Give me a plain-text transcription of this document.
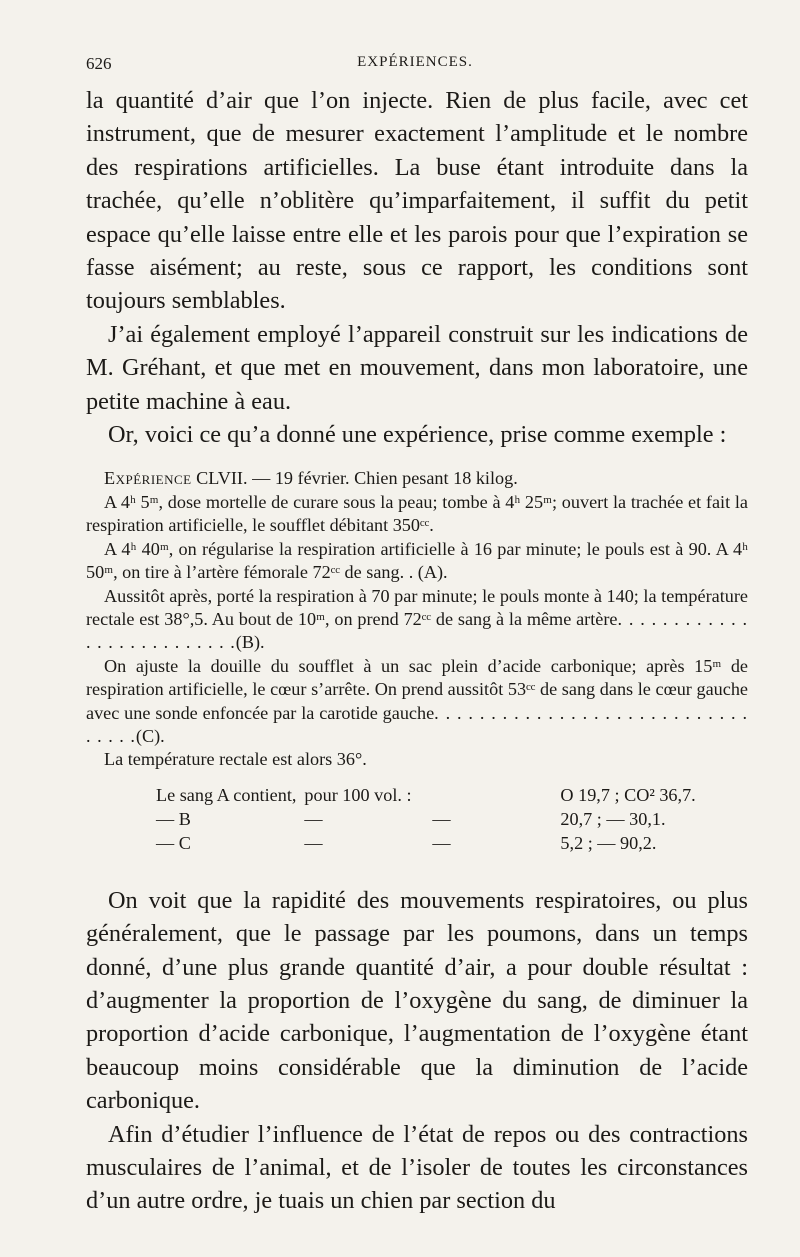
626	EXPÉRIENCES.

la quantité d’air que l’on injecte. Rien de plus facile, avec cet instrument, que de mesurer exactement l’amplitude et le nombre des respirations artificielles. La buse étant introduite dans la trachée, qu’elle n’oblitère qu’imparfaitement, il suffit du petit espace qu’elle laisse entre elle et les parois pour que l’expiration se fasse aisément; au reste, sous ce rapport, les conditions sont toujours semblables.

J’ai également employé l’appareil construit sur les indications de M. Gréhant, et que met en mouvement, dans mon laboratoire, une petite machine à eau.

Or, voici ce qu’a donné une expérience, prise comme exemple :

Expérience CLVII. — 19 février. Chien pesant 18 kilog.

A 4ʰ 5ᵐ, dose mortelle de curare sous la peau; tombe à 4ʰ 25ᵐ; ouvert la trachée et fait la respiration artificielle, le soufflet débitant 350ᶜᶜ.

A 4ʰ 40ᵐ, on régularise la respiration artificielle à 16 par minute; le pouls est à 90. A 4ʰ 50ᵐ, on tire à l’artère fémorale 72ᶜᶜ de sang. . (A).

Aussitôt après, porté la respiration à 70 par minute; le pouls monte à 140; la température rectale est 38°,5. Au bout de 10ᵐ, on prend 72ᶜᶜ de sang à la même artère. . . . . . . . . . . . . . . . . . . . . . . . . .(B).

On ajuste la douille du soufflet à un sac plein d’acide carbonique; après 15ᵐ de respiration artificielle, le cœur s’arrête. On prend aussitôt 53ᶜᶜ de sang dans le cœur gauche avec une sonde enfoncée par la carotide gauche. . . . . . . . . . . . . . . . . . . . . . . . . . . . . . . . .(C).

La température rectale est alors 36°.

Le sang A contient,	pour 100 vol. :			O 19,7 ; CO² 36,7.
— B	—	—		20,7 ; — 30,1.
— C	—	—		5,2 ; — 90,2.

On voit que la rapidité des mouvements respiratoires, ou plus généralement, que le passage par les poumons, dans un temps donné, d’une plus grande quantité d’air, a pour double résultat : d’augmenter la proportion de l’oxygène du sang, de diminuer la proportion d’acide carbonique, l’augmentation de l’oxygène étant beaucoup moins considérable que la diminution de l’acide carbonique.

Afin d’étudier l’influence de l’état de repos ou des contractions musculaires de l’animal, et de l’isoler de toutes les circonstances d’un autre ordre, je tuais un chien par section du
